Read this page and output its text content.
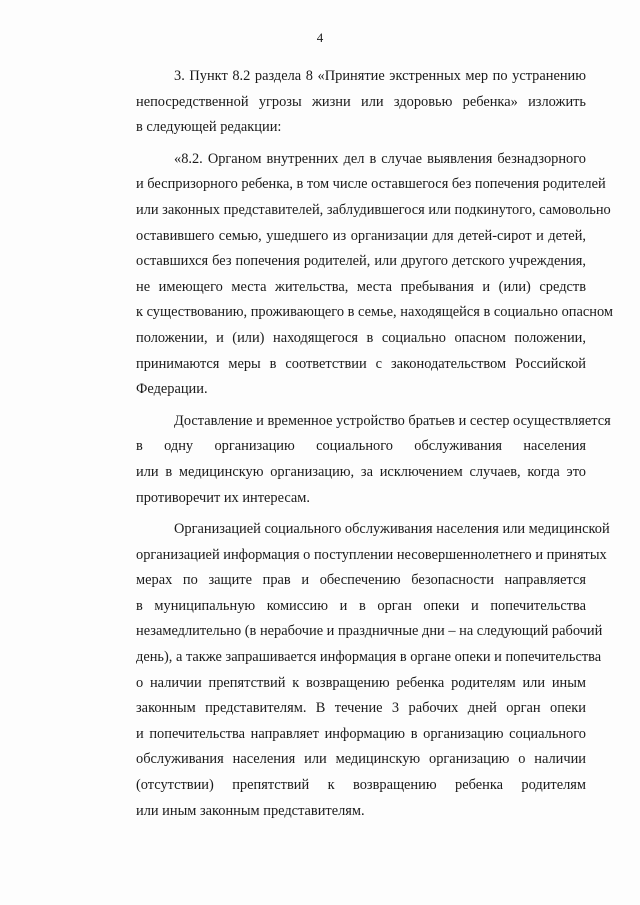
4
3. Пункт 8.2 раздела 8 «Принятие экстренных мер по устранению
непосредственной угрозы жизни или здоровью ребенка» изложить
в следующей редакции:
«8.2. Органом внутренних дел в случае выявления безнадзорного
и беспризорного ребенка, в том числе оставшегося без попечения родителей
или законных представителей, заблудившегося или подкинутого, самовольно
оставившего семью, ушедшего из организации для детей-сирот и детей,
оставшихся без попечения родителей, или другого детского учреждения,
не имеющего места жительства, места пребывания и (или) средств
к существованию, проживающего в семье, находящейся в социально опасном
положении, и (или) находящегося в социально опасном положении,
принимаются меры в соответствии с законодательством Российской
Федерации.
Доставление и временное устройство братьев и сестер осуществляется
в одну организацию социального обслуживания населения
или в медицинскую организацию, за исключением случаев, когда это
противоречит их интересам.
Организацией социального обслуживания населения или медицинской
организацией информация о поступлении несовершеннолетнего и принятых
мерах по защите прав и обеспечению безопасности направляется
в муниципальную комиссию и в орган опеки и попечительства
незамедлительно (в нерабочие и праздничные дни – на следующий рабочий
день), а также запрашивается информация в органе опеки и попечительства
о наличии препятствий к возвращению ребенка родителям или иным
законным представителям. В течение 3 рабочих дней орган опеки
и попечительства направляет информацию в организацию социального
обслуживания населения или медицинскую организацию о наличии
(отсутствии) препятствий к возвращению ребенка родителям
или иным законным представителям.
